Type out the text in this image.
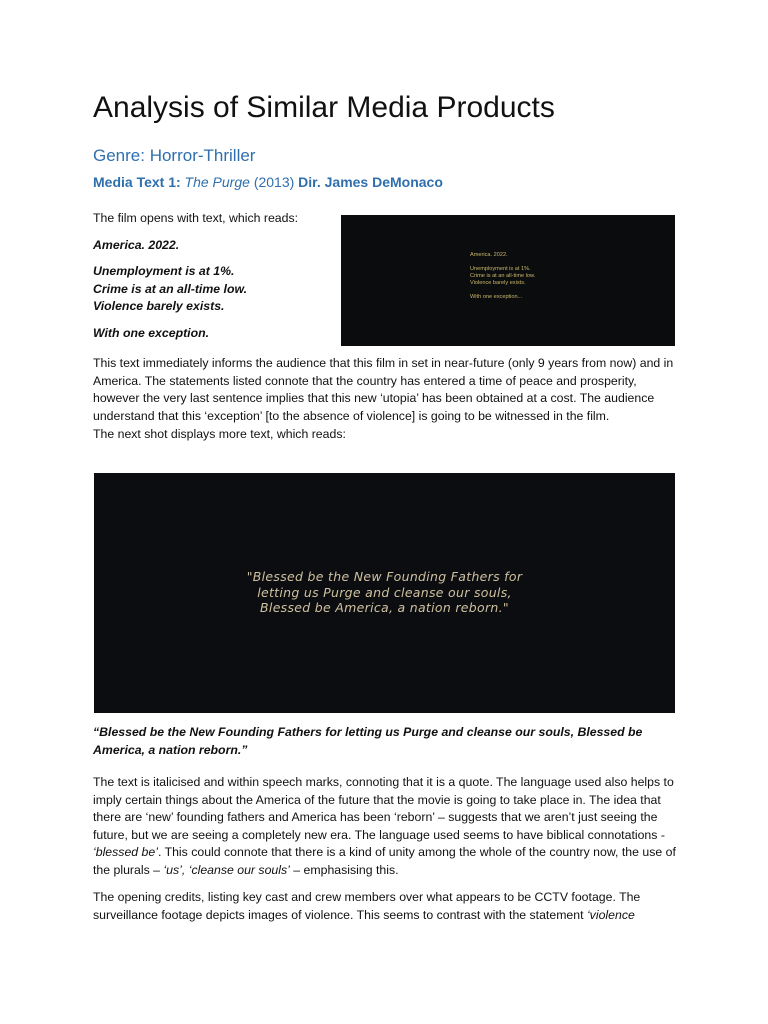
Analysis of Similar Media Products
Genre: Horror-Thriller
Media Text 1: The Purge (2013) Dir. James DeMonaco

The film opens with text, which reads:

America. 2022.

Unemployment is at 1%.

Crime is at an all-time low.

Violence barely exists.

With one exception.

America. 2022.
Unemployment is at 1%.
Crime is at an all-time low.
Violence barely exists.
With one exception...

This text immediately informs the audience that this film in set in near-future (only 9 years from now) and in America. The statements listed connote that the country has entered a time of peace and prosperity, however the very last sentence implies that this new ‘utopia’ has been obtained at a cost. The audience understand that this ‘exception’ [to the absence of violence] is going to be witnessed in the film.

The next shot displays more text, which reads:

"Blessed be the New Founding Fathers for
letting us Purge and cleanse our souls,
Blessed be America, a nation reborn."

“Blessed be the New Founding Fathers for letting us Purge and cleanse our souls, Blessed be America, a nation reborn.”

The text is italicised and within speech marks, connoting that it is a quote. The language used also helps to imply certain things about the America of the future that the movie is going to take place in. The idea that there are ‘new’ founding fathers and America has been ‘reborn’ – suggests that we aren’t just seeing the future, but we are seeing a completely new era. The language used seems to have biblical connotations - ‘blessed be’. This could connote that there is a kind of unity among the whole of the country now, the use of the plurals – ‘us’, ‘cleanse our souls’ – emphasising this.

The opening credits, listing key cast and crew members over what appears to be CCTV footage. The surveillance footage depicts images of violence. This seems to contrast with the statement ‘violence
